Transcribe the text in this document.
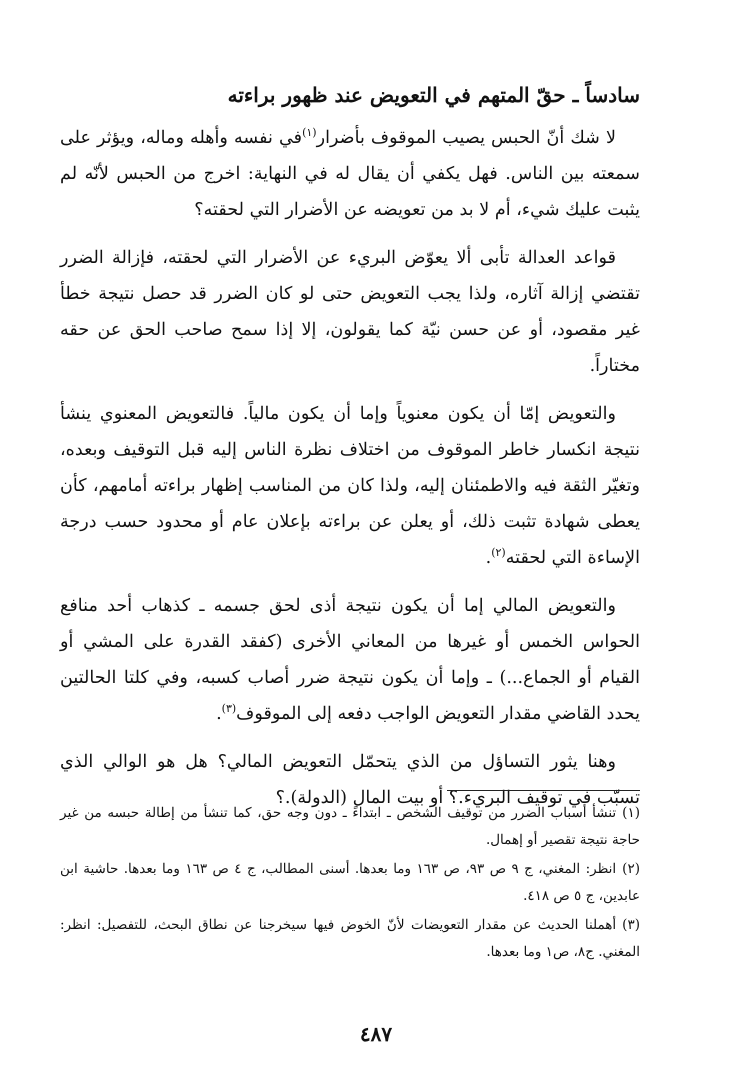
سادساً ـ حقّ المتهم في التعويض عند ظهور براءته

لا شك أنّ الحبس يصيب الموقوف بأضرار$^{(١)}$في نفسه وأهله وماله، ويؤثر على سمعته بين الناس. فهل يكفي أن يقال له في النهاية: اخرج من الحبس لأنّه لم يثبت عليك شيء، أم لا بد من تعويضه عن الأضرار التي لحقته؟

قواعد العدالة تأبى ألا يعوّض البريء عن الأضرار التي لحقته، فإزالة الضرر تقتضي إزالة آثاره، ولذا يجب التعويض حتى لو كان الضرر قد حصل نتيجة خطأ غير مقصود، أو عن حسن نيّة كما يقولون، إلا إذا سمح صاحب الحق عن حقه مختاراً.

والتعويض إمّا أن يكون معنوياً وإما أن يكون مالياً. فالتعويض المعنوي ينشأ نتيجة انكسار خاطر الموقوف من اختلاف نظرة الناس إليه قبل التوقيف وبعده، وتغيّر الثقة فيه والاطمئنان إليه، ولذا كان من المناسب إظهار براءته أمامهم، كأن يعطى شهادة تثبت ذلك، أو يعلن عن براءته بإعلان عام أو محدود حسب درجة الإساءة التي لحقته$^{(٢)}$.

والتعويض المالي إما أن يكون نتيجة أذى لحق جسمه ـ كذهاب أحد منافع الحواس الخمس أو غيرها من المعاني الأخرى (كفقد القدرة على المشي أو القيام أو الجماع...) ـ وإما أن يكون نتيجة ضرر أصاب كسبه، وفي كلتا الحالتين يحدد القاضي مقدار التعويض الواجب دفعه إلى الموقوف$^{(٣)}$.

وهنا يثور التساؤل من الذي يتحمّل التعويض المالي؟ هل هو الوالي الذي تسبّب في توقيف البريء.؟ أو بيت المال (الدولة).؟

(١)تنشأ أسباب الضرر من توقيف الشخص ـ ابتداءً ـ دون وجه حق، كما تنشأ من إطالة حبسه من غير حاجة نتيجة تقصير أو إهمال.

(٢)انظر: المغني، ج ٩ ص ٩٣، ص ١٦٣ وما بعدها. أسنى المطالب، ج ٤ ص ١٦٣ وما بعدها. حاشية ابن عابدين، ج ٥ ص ٤١٨.

(٣)أهملنا الحديث عن مقدار التعويضات لأنّ الخوض فيها سيخرجنا عن نطاق البحث، للتفصيل: انظر: المغني. ج٨، ص١ وما بعدها.

٤٨٧
